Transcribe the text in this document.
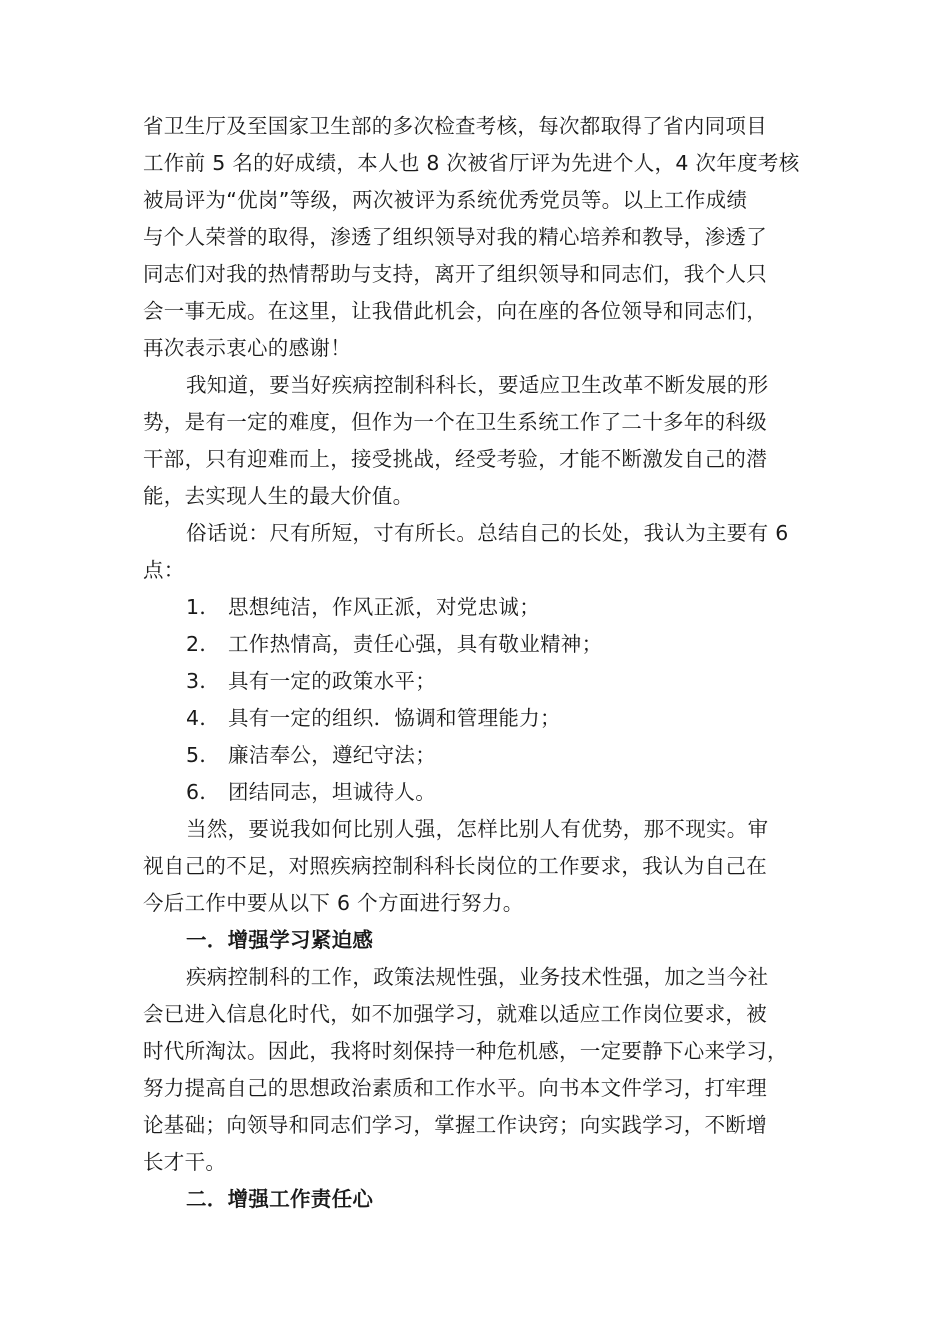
省卫生厅及至国家卫生部的多次检查考核，每次都取得了省内同项目
工作前 5 名的好成绩，本人也 8 次被省厅评为先进个人，4 次年度考核
被局评为“优岗”等级，两次被评为系统优秀党员等。以上工作成绩
与个人荣誉的取得，渗透了组织领导对我的精心培养和教导，渗透了
同志们对我的热情帮助与支持，离开了组织领导和同志们，我个人只
会一事无成。在这里，让我借此机会，向在座的各位领导和同志们，
再次表示衷心的感谢！
我知道，要当好疾病控制科科长，要适应卫生改革不断发展的形
势，是有一定的难度，但作为一个在卫生系统工作了二十多年的科级
干部，只有迎难而上，接受挑战，经受考验，才能不断激发自己的潜
能，去实现人生的最大价值。
俗话说：尺有所短，寸有所长。总结自己的长处，我认为主要有 6
点：
1． 思想纯洁，作风正派，对党忠诚；
2． 工作热情高，责任心强，具有敬业精神；
3． 具有一定的政策水平；
4． 具有一定的组织．恊调和管理能力；
5． 廉洁奉公，遵纪守法；
6． 团结同志，坦诚待人。
当然，要说我如何比别人强，怎样比别人有优势，那不现实。审
视自己的不足，对照疾病控制科科长岗位的工作要求，我认为自己在
今后工作中要从以下 6 个方面进行努力。
一．增强学习紧迫感
疾病控制科的工作，政策法规性强，业务技术性强，加之当今社
会已进入信息化时代，如不加强学习，就难以适应工作岗位要求，被
时代所淘汰。因此，我将时刻保持一种危机感，一定要静下心来学习，
努力提高自己的思想政治素质和工作水平。向书本文件学习，打牢理
论基础；向领导和同志们学习，掌握工作诀窍；向实践学习，不断增
长才干。
二．增强工作责任心
